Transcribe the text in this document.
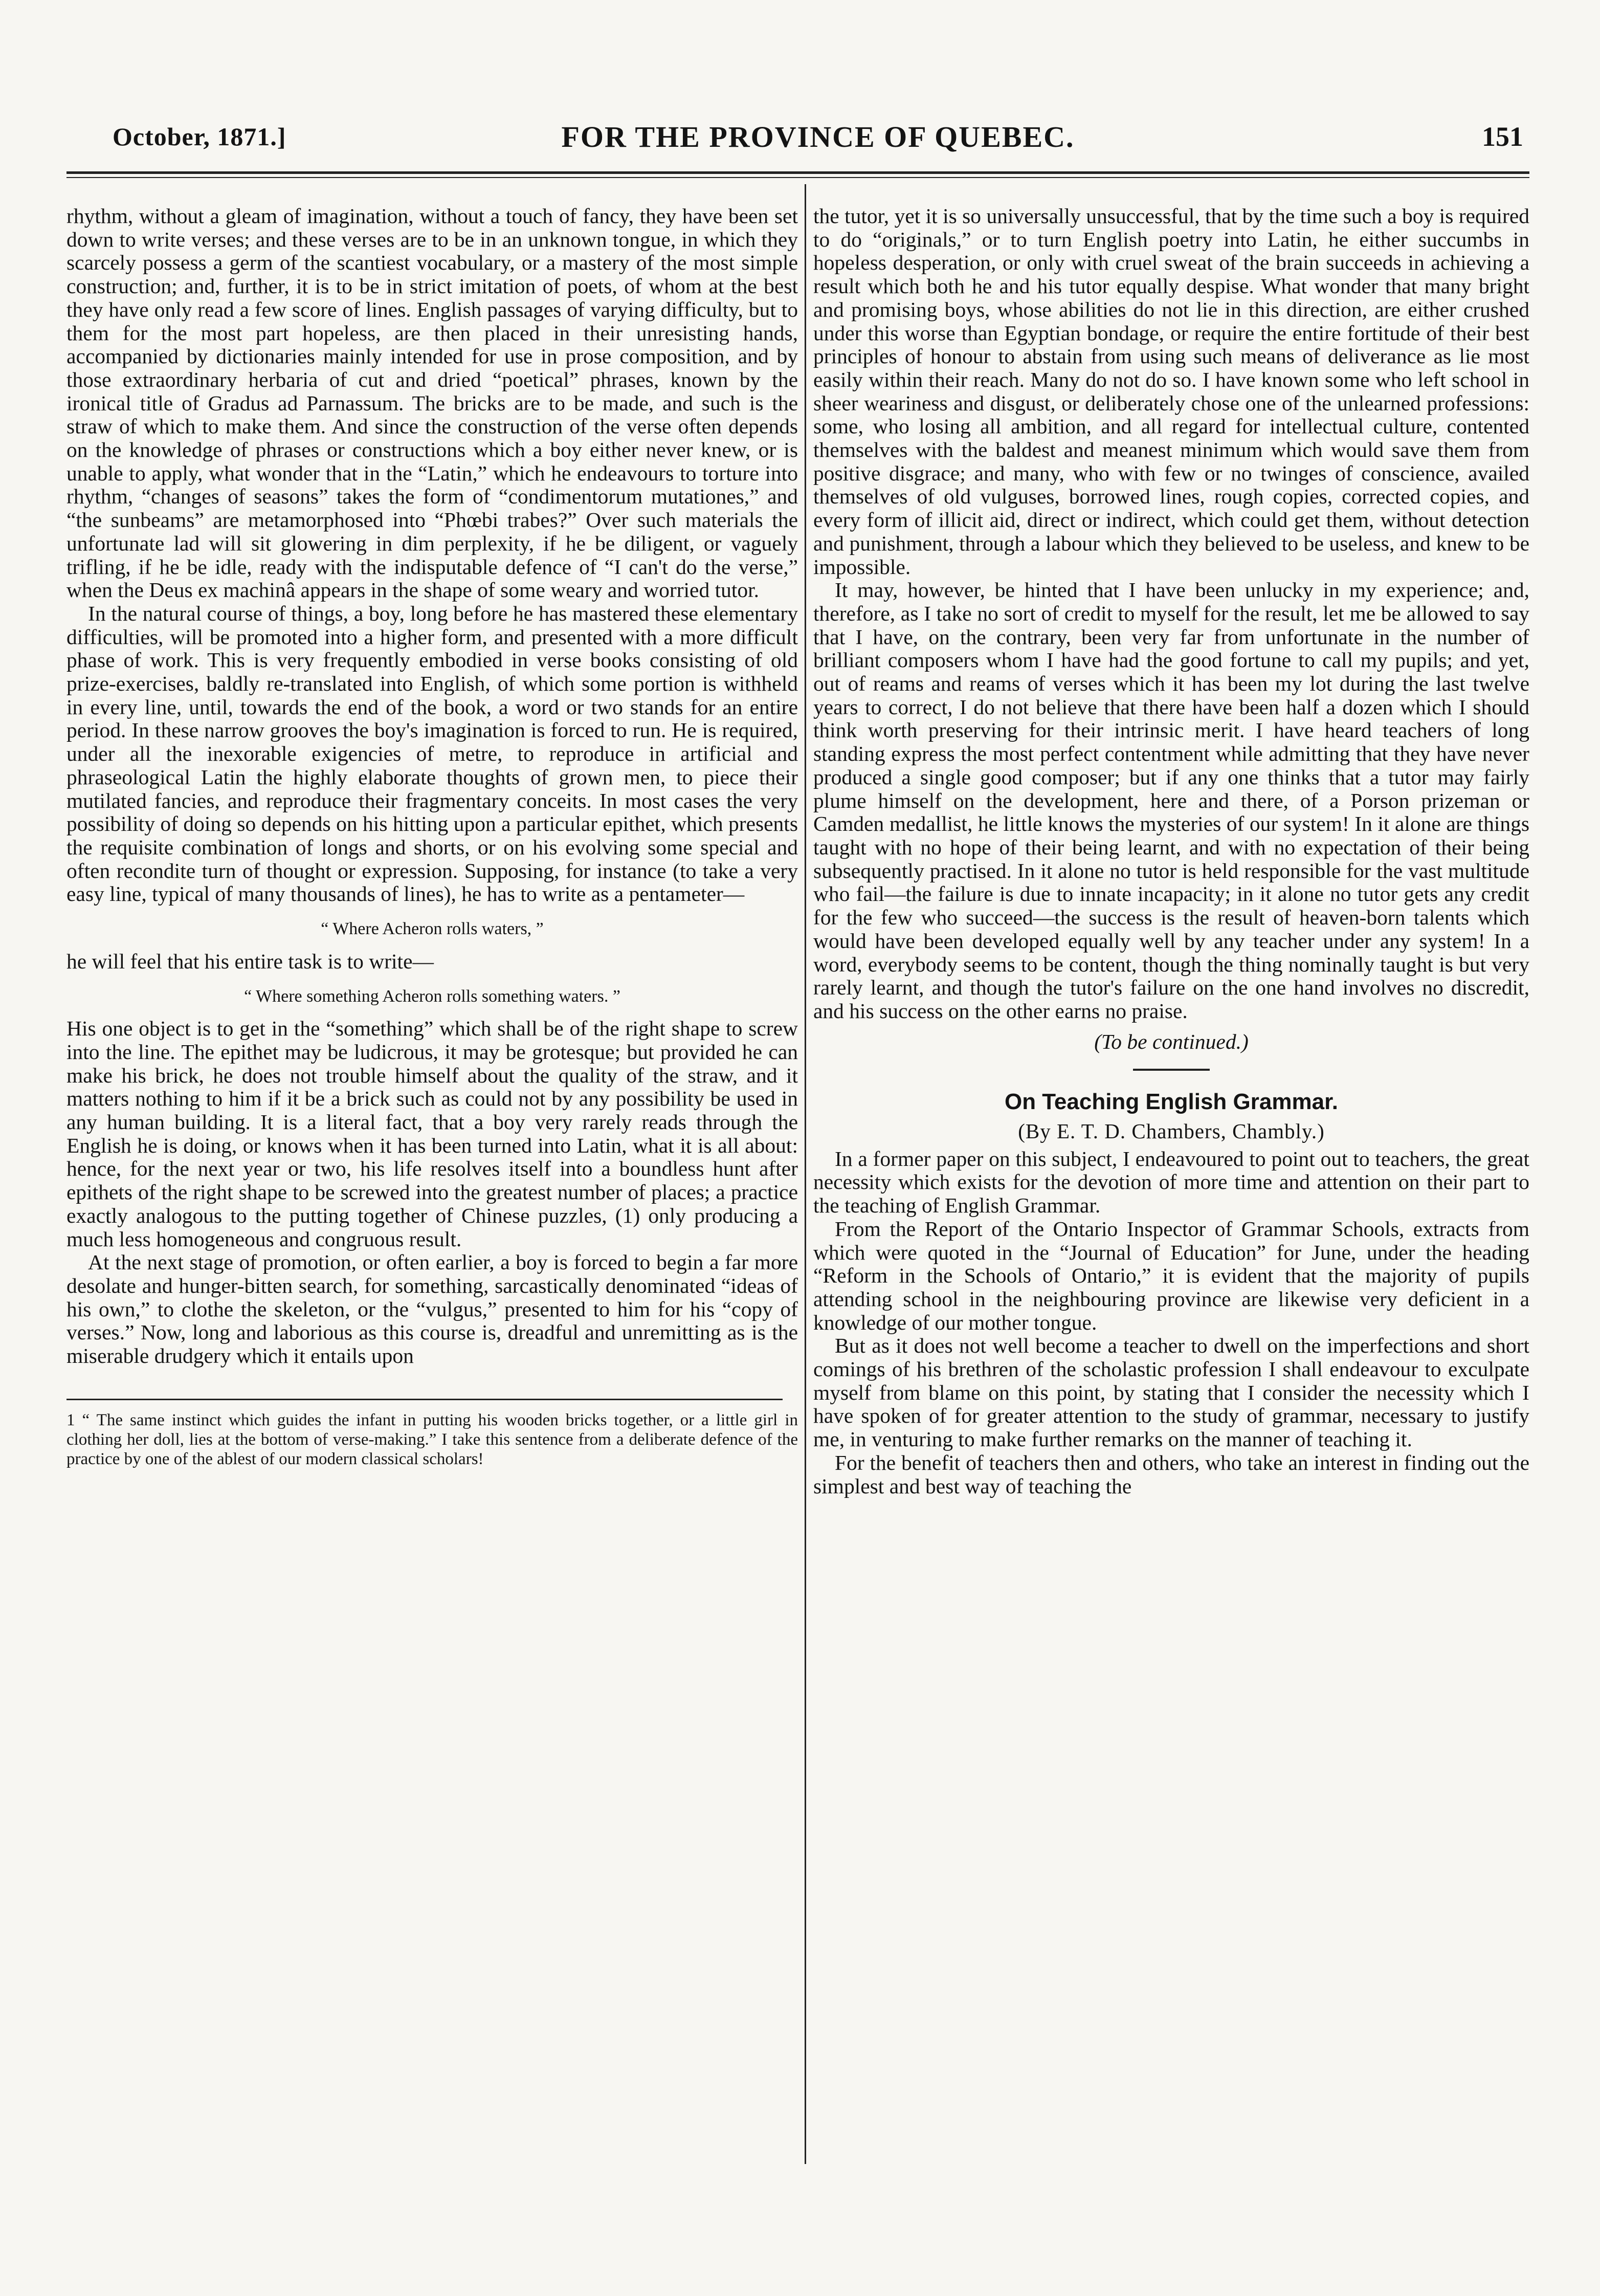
October, 1871.]	FOR THE PROVINCE OF QUEBEC.	151

rhythm, without a gleam of imagination, without a touch of fancy, they have been set down to write verses; and these verses are to be in an unknown tongue, in which they scarcely possess a germ of the scantiest vocabulary, or a mastery of the most simple construction; and, further, it is to be in strict imitation of poets, of whom at the best they have only read a few score of lines. English passages of varying difficulty, but to them for the most part hopeless, are then placed in their unresisting hands, accompanied by dictionaries mainly intended for use in prose composition, and by those extraordinary herbaria of cut and dried “poetical” phrases, known by the ironical title of Gradus ad Parnassum. The bricks are to be made, and such is the straw of which to make them. And since the construction of the verse often depends on the knowledge of phrases or constructions which a boy either never knew, or is unable to apply, what wonder that in the “Latin,” which he endeavours to torture into rhythm, “changes of seasons” takes the form of “condimentorum mutationes,” and “the sunbeams” are metamorphosed into “Phœbi trabes?” Over such materials the unfortunate lad will sit glowering in dim perplexity, if he be diligent, or vaguely trifling, if he be idle, ready with the indisputable defence of “I can't do the verse,” when the Deus ex machinâ appears in the shape of some weary and worried tutor.

In the natural course of things, a boy, long before he has mastered these elementary difficulties, will be promoted into a higher form, and presented with a more difficult phase of work. This is very frequently embodied in verse books consisting of old prize-exercises, baldly re-translated into English, of which some portion is withheld in every line, until, towards the end of the book, a word or two stands for an entire period. In these narrow grooves the boy's imagination is forced to run. He is required, under all the inexorable exigencies of metre, to reproduce in artificial and phraseological Latin the highly elaborate thoughts of grown men, to piece their mutilated fancies, and reproduce their fragmentary conceits. In most cases the very possibility of doing so depends on his hitting upon a particular epithet, which presents the requisite combination of longs and shorts, or on his evolving some special and often recondite turn of thought or expression. Supposing, for instance (to take a very easy line, typical of many thousands of lines), he has to write as a pentameter—

“ Where Acheron rolls waters, ”

he will feel that his entire task is to write—

“ Where something Acheron rolls something waters. ”

His one object is to get in the “something” which shall be of the right shape to screw into the line. The epithet may be ludicrous, it may be grotesque; but provided he can make his brick, he does not trouble himself about the quality of the straw, and it matters nothing to him if it be a brick such as could not by any possibility be used in any human building. It is a literal fact, that a boy very rarely reads through the English he is doing, or knows when it has been turned into Latin, what it is all about: hence, for the next year or two, his life resolves itself into a boundless hunt after epithets of the right shape to be screwed into the greatest number of places; a practice exactly analogous to the putting together of Chinese puzzles, (1) only producing a much less homogeneous and congruous result.

At the next stage of promotion, or often earlier, a boy is forced to begin a far more desolate and hunger-bitten search, for something, sarcastically denominated “ideas of his own,” to clothe the skeleton, or the “vulgus,” presented to him for his “copy of verses.” Now, long and laborious as this course is, dreadful and unremitting as is the miserable drudgery which it entails upon

1 “ The same instinct which guides the infant in putting his wooden bricks together, or a little girl in clothing her doll, lies at the bottom of verse-making.” I take this sentence from a deliberate defence of the practice by one of the ablest of our modern classical scholars!

the tutor, yet it is so universally unsuccessful, that by the time such a boy is required to do “originals,” or to turn English poetry into Latin, he either succumbs in hopeless desperation, or only with cruel sweat of the brain succeeds in achieving a result which both he and his tutor equally despise. What wonder that many bright and promising boys, whose abilities do not lie in this direction, are either crushed under this worse than Egyptian bondage, or require the entire fortitude of their best principles of honour to abstain from using such means of deliverance as lie most easily within their reach. Many do not do so. I have known some who left school in sheer weariness and disgust, or deliberately chose one of the unlearned professions: some, who losing all ambition, and all regard for intellectual culture, contented themselves with the baldest and meanest minimum which would save them from positive disgrace; and many, who with few or no twinges of conscience, availed themselves of old vulguses, borrowed lines, rough copies, corrected copies, and every form of illicit aid, direct or indirect, which could get them, without detection and punishment, through a labour which they believed to be useless, and knew to be impossible.

It may, however, be hinted that I have been unlucky in my experience; and, therefore, as I take no sort of credit to myself for the result, let me be allowed to say that I have, on the contrary, been very far from unfortunate in the number of brilliant composers whom I have had the good fortune to call my pupils; and yet, out of reams and reams of verses which it has been my lot during the last twelve years to correct, I do not believe that there have been half a dozen which I should think worth preserving for their intrinsic merit. I have heard teachers of long standing express the most perfect contentment while admitting that they have never produced a single good composer; but if any one thinks that a tutor may fairly plume himself on the development, here and there, of a Porson prizeman or Camden medallist, he little knows the mysteries of our system! In it alone are things taught with no hope of their being learnt, and with no expectation of their being subsequently practised. In it alone no tutor is held responsible for the vast multitude who fail—the failure is due to innate incapacity; in it alone no tutor gets any credit for the few who succeed—the success is the result of heaven-born talents which would have been developed equally well by any teacher under any system! In a word, everybody seems to be content, though the thing nominally taught is but very rarely learnt, and though the tutor's failure on the one hand involves no discredit, and his success on the other earns no praise.

(To be continued.)
On Teaching English Grammar.
(By E. T. D. Chambers, Chambly.)

In a former paper on this subject, I endeavoured to point out to teachers, the great necessity which exists for the devotion of more time and attention on their part to the teaching of English Grammar.

From the Report of the Ontario Inspector of Grammar Schools, extracts from which were quoted in the “Journal of Education” for June, under the heading “Reform in the Schools of Ontario,” it is evident that the majority of pupils attending school in the neighbouring province are likewise very deficient in a knowledge of our mother tongue.

But as it does not well become a teacher to dwell on the imperfections and short comings of his brethren of the scholastic profession I shall endeavour to exculpate myself from blame on this point, by stating that I consider the necessity which I have spoken of for greater attention to the study of grammar, necessary to justify me, in venturing to make further remarks on the manner of teaching it.

For the benefit of teachers then and others, who take an interest in finding out the simplest and best way of teaching the
